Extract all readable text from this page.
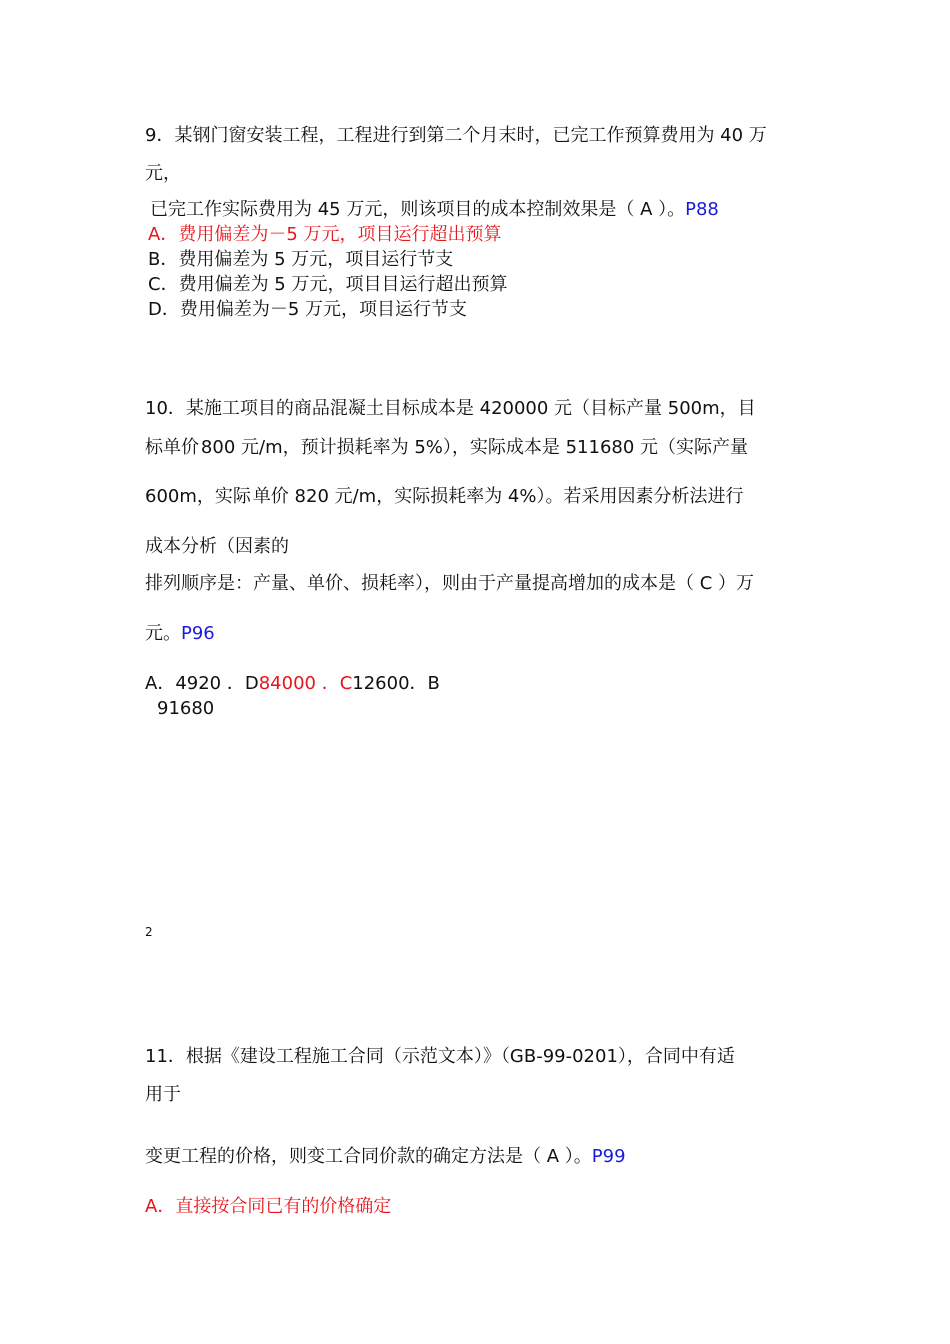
9．某钢门窗安装工程，工程进行到第二个月末时，已完工作预算费用为 40 万
元，
已完工作实际费用为 45 万元，则该项目的成本控制效果是（ A ）。P88
A．费用偏差为－5 万元，项目运行超出预算
B．费用偏差为 5 万元，项目运行节支
C．费用偏差为 5 万元，项目目运行超出预算
D．费用偏差为－5 万元，项目运行节支
10．某施工项目的商品混凝土目标成本是 420000 元（目标产量 500m，目
标单价 800 元/m，预计损耗率为 5%），实际成本是 511680 元（实际产量
600m，实际 单价 820 元/m，实际损耗率为 4%）。若采用因素分析法进行
成本分析（因素的
排列顺序是：产量、单价、损耗率），则由于产量提高增加的成本是（ C ）万
元。P96
A．4920 ．D84000 ．C12600．B
91680
2
11．根据《建设工程施工合同（示范文本）》（GB-99-0201），合同中有适
用于
变更工程的价格，则变工合同价款的确定方法是（ A ）。P99
A．直接按合同已有的价格确定
